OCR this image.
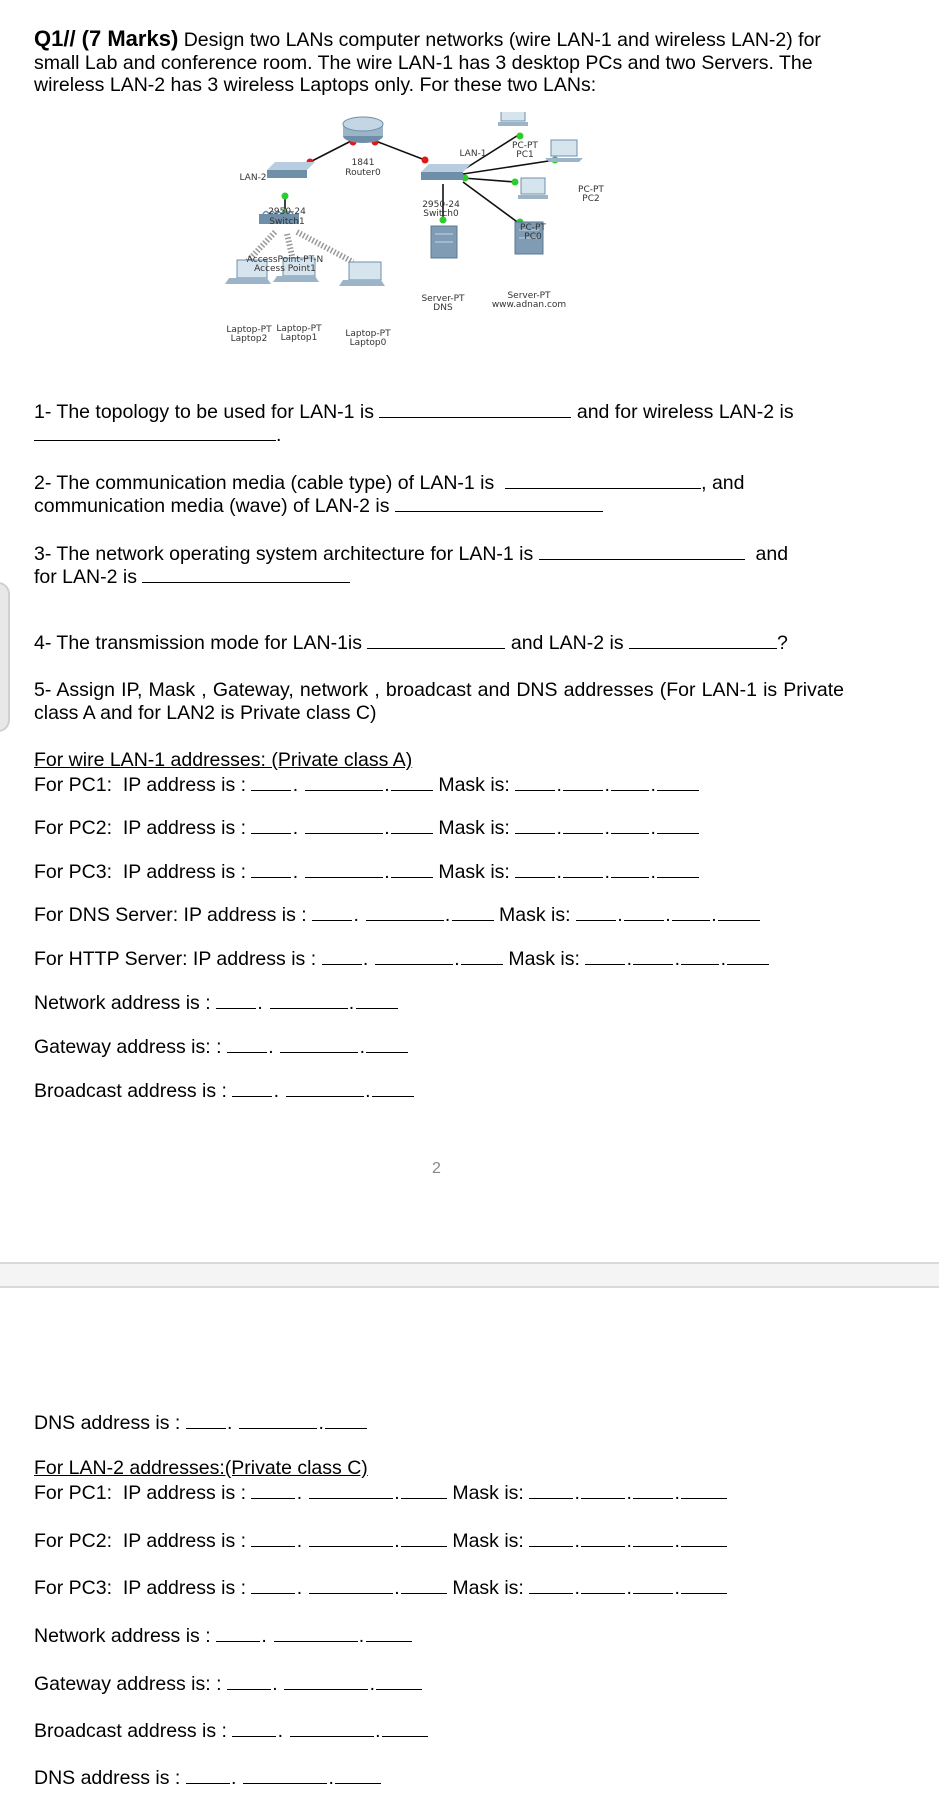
Q1// (7 Marks) Design two LANs computer networks (wire LAN-1 and wireless LAN-2) for small Lab and conference room. The wire LAN-1 has 3 desktop PCs and two Servers. The wireless LAN-2 has 3 wireless Laptops only. For these two LANs:
LAN-1
LAN-2
1841
Router0
2950-24
Switch1
2950-24
Switch0
AccessPoint-PT-N
Access Point1
PC-PT
PC1
PC-PT
PC2
PC-PT
PC0
Server-PT
DNS
Server-PT
www.adnan.com
Laptop-PT
Laptop2
Laptop-PT
Laptop1	Laptop-PT
Laptop0
1- The topology to be used for LAN-1 is	and for wireless LAN-2 is
.
2- The communication media (cable type) of LAN-1 is	, and
communication media (wave) of LAN-2 is
3- The network operating system architecture for LAN-1 is	and
for LAN-2 is
4- The transmission mode for LAN-1is	and LAN-2 is	?
5- Assign IP, Mask , Gateway, network , broadcast and DNS addresses (For LAN-1 is Private class A and for LAN2 is Private class C)
For wire LAN-1 addresses: (Private class A)
For PC1:  IP address is : .	. Mask is: . . .
For PC2:  IP address is : .	. Mask is: . . .
For PC3:  IP address is : .	. Mask is: . . .
For DNS Server: IP address is : .	. Mask is: . . .
For HTTP Server: IP address is : .	. Mask is: . . .
Network address is : .	.
Gateway address is: : .	.
Broadcast address is : .	.
2
DNS address is : .	.
For LAN-2 addresses:(Private class C)
For PC1:  IP address is :	.	.	Mask is:	. . .
For PC2:  IP address is :	.	.	Mask is:	. . .
For PC3:  IP address is :	.	.	Mask is:	. . .
Network address is :	.	.
Gateway address is: :	.	.
Broadcast address is :	.	.
DNS address is :	.	.
